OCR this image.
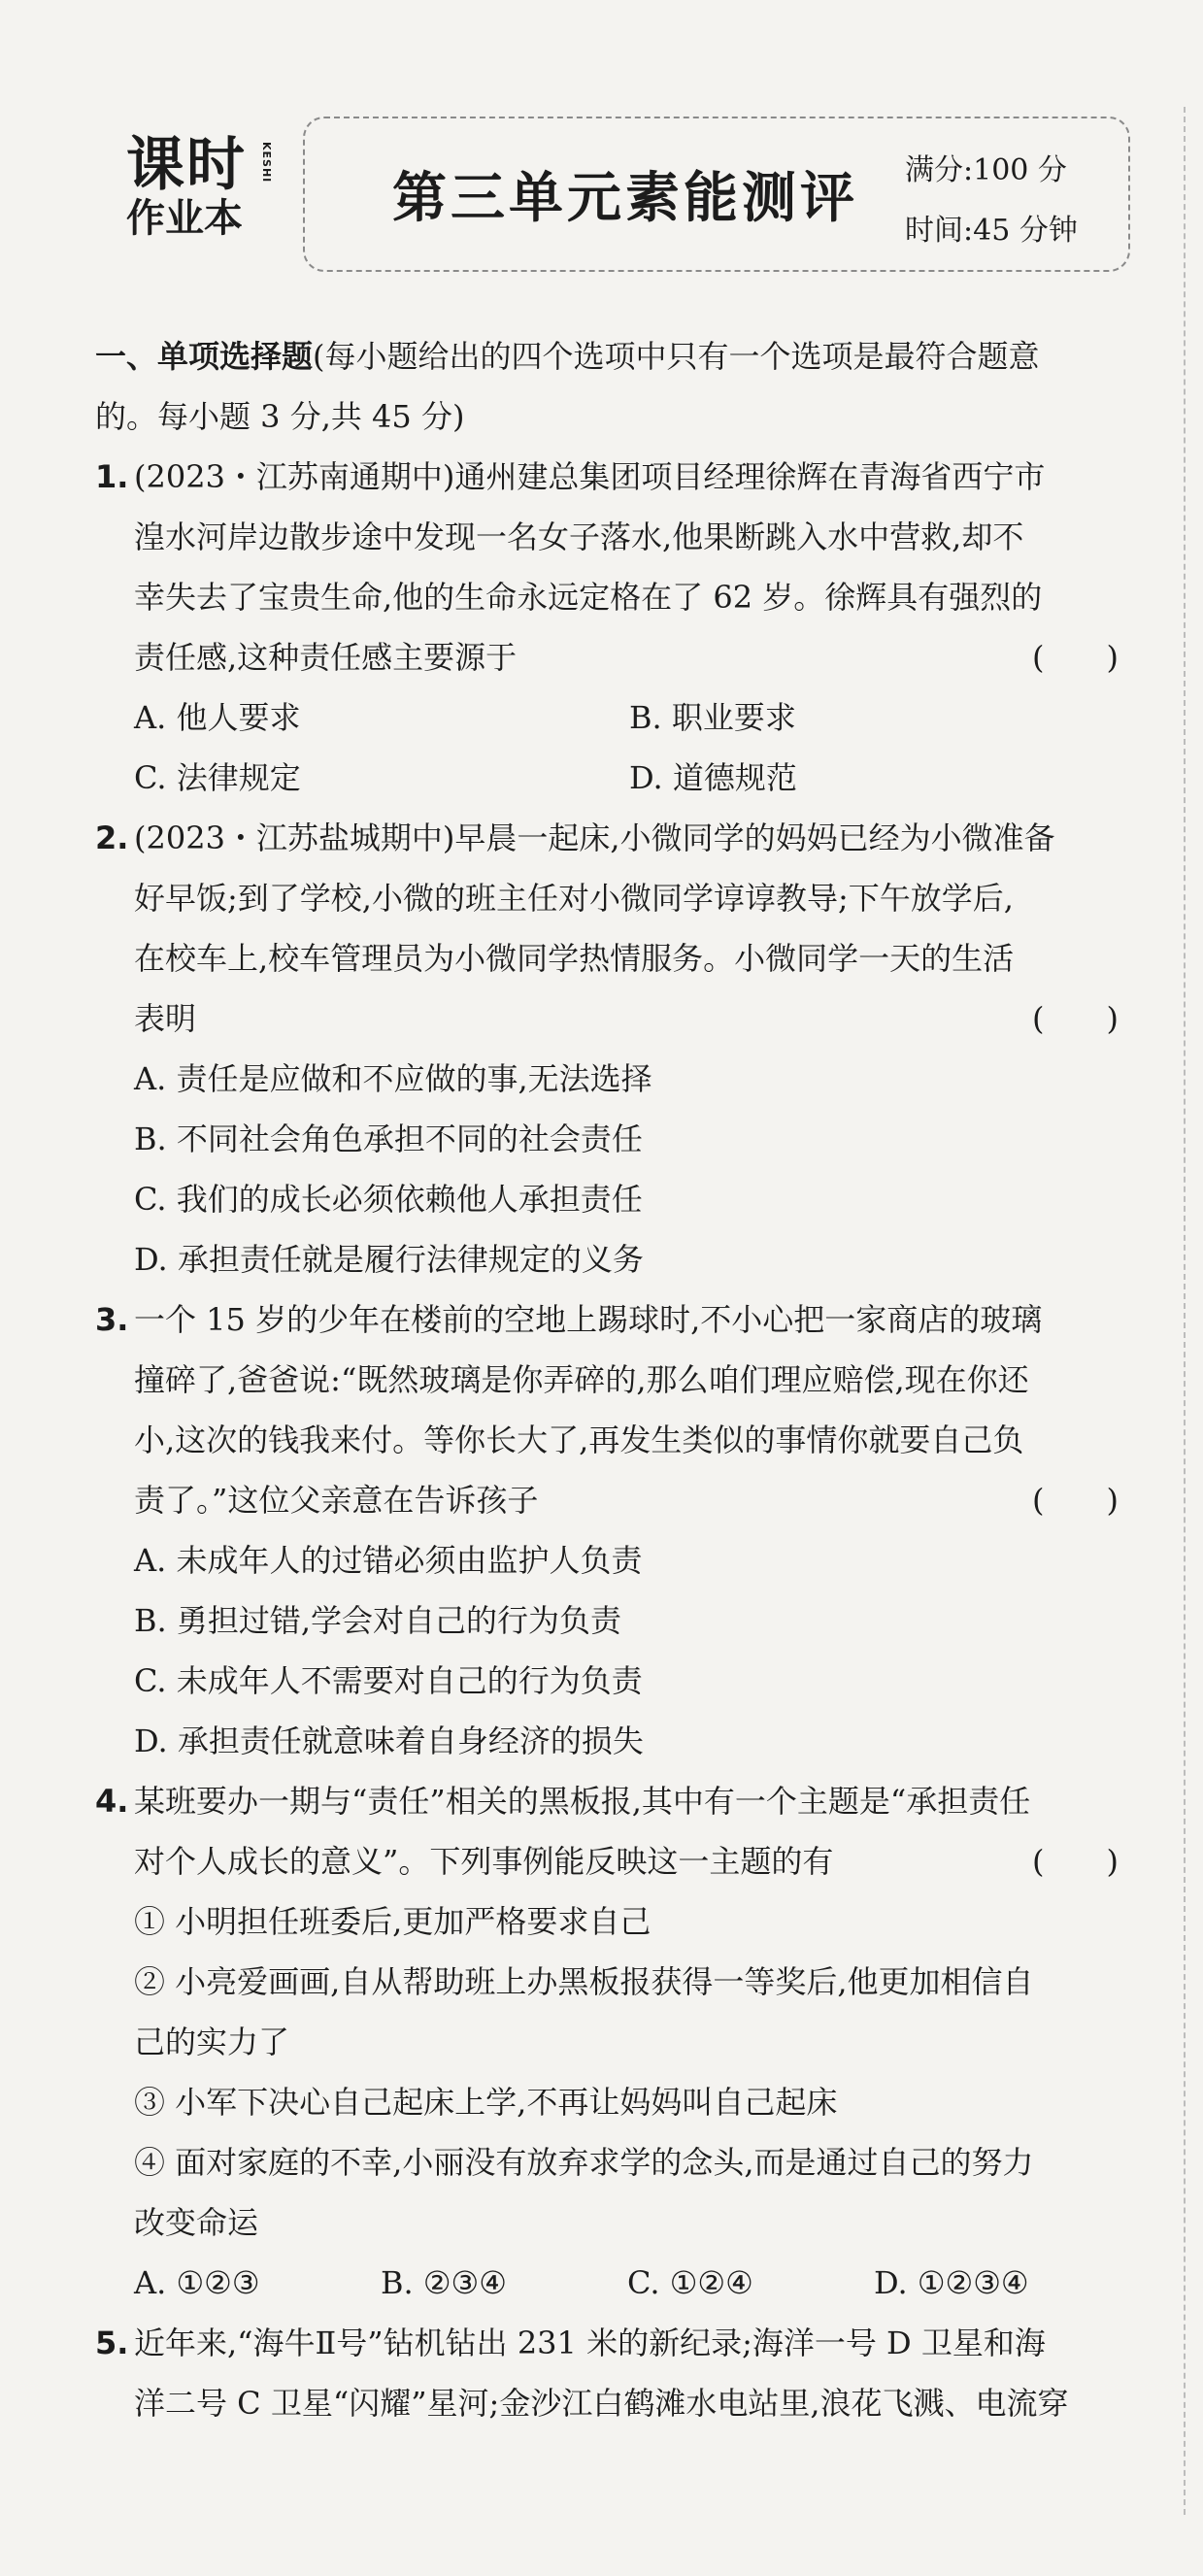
课时
作业本
KESHI
第三单元素能测评 满分:100 分
时间:45 分钟
一、单项选择题(每小题给出的四个选项中只有一个选项是最符合题意
的。每小题 3 分,共 45 分)
1. (2023・江苏南通期中)通州建总集团项目经理徐辉在青海省西宁市
湟水河岸边散步途中发现一名女子落水,他果断跳入水中营救,却不
幸失去了宝贵生命,他的生命永远定格在了 62 岁。徐辉具有强烈的
责任感,这种责任感主要源于	(　　)
A. 他人要求	B. 职业要求
C. 法律规定	D. 道德规范
2. (2023・江苏盐城期中)早晨一起床,小微同学的妈妈已经为小微准备
好早饭;到了学校,小微的班主任对小微同学谆谆教导;下午放学后,
在校车上,校车管理员为小微同学热情服务。小微同学一天的生活
表明	(　　)
A. 责任是应做和不应做的事,无法选择
B. 不同社会角色承担不同的社会责任
C. 我们的成长必须依赖他人承担责任
D. 承担责任就是履行法律规定的义务
3. 一个 15 岁的少年在楼前的空地上踢球时,不小心把一家商店的玻璃
撞碎了,爸爸说:“既然玻璃是你弄碎的,那么咱们理应赔偿,现在你还
小,这次的钱我来付。等你长大了,再发生类似的事情你就要自己负
责了。”这位父亲意在告诉孩子	(　　)
A. 未成年人的过错必须由监护人负责
B. 勇担过错,学会对自己的行为负责
C. 未成年人不需要对自己的行为负责
D. 承担责任就意味着自身经济的损失
4. 某班要办一期与“责任”相关的黑板报,其中有一个主题是“承担责任
对个人成长的意义”。下列事例能反映这一主题的有	(　　)
① 小明担任班委后,更加严格要求自己
② 小亮爱画画,自从帮助班上办黑板报获得一等奖后,他更加相信自
己的实力了
③ 小军下决心自己起床上学,不再让妈妈叫自己起床
④ 面对家庭的不幸,小丽没有放弃求学的念头,而是通过自己的努力
改变命运
A. ①②③	B. ②③④	C. ①②④	D. ①②③④
5. 近年来,“海牛Ⅱ号”钻机钻出 231 米的新纪录;海洋一号 D 卫星和海
洋二号 C 卫星“闪耀”星河;金沙江白鹤滩水电站里,浪花飞溅、电流穿
